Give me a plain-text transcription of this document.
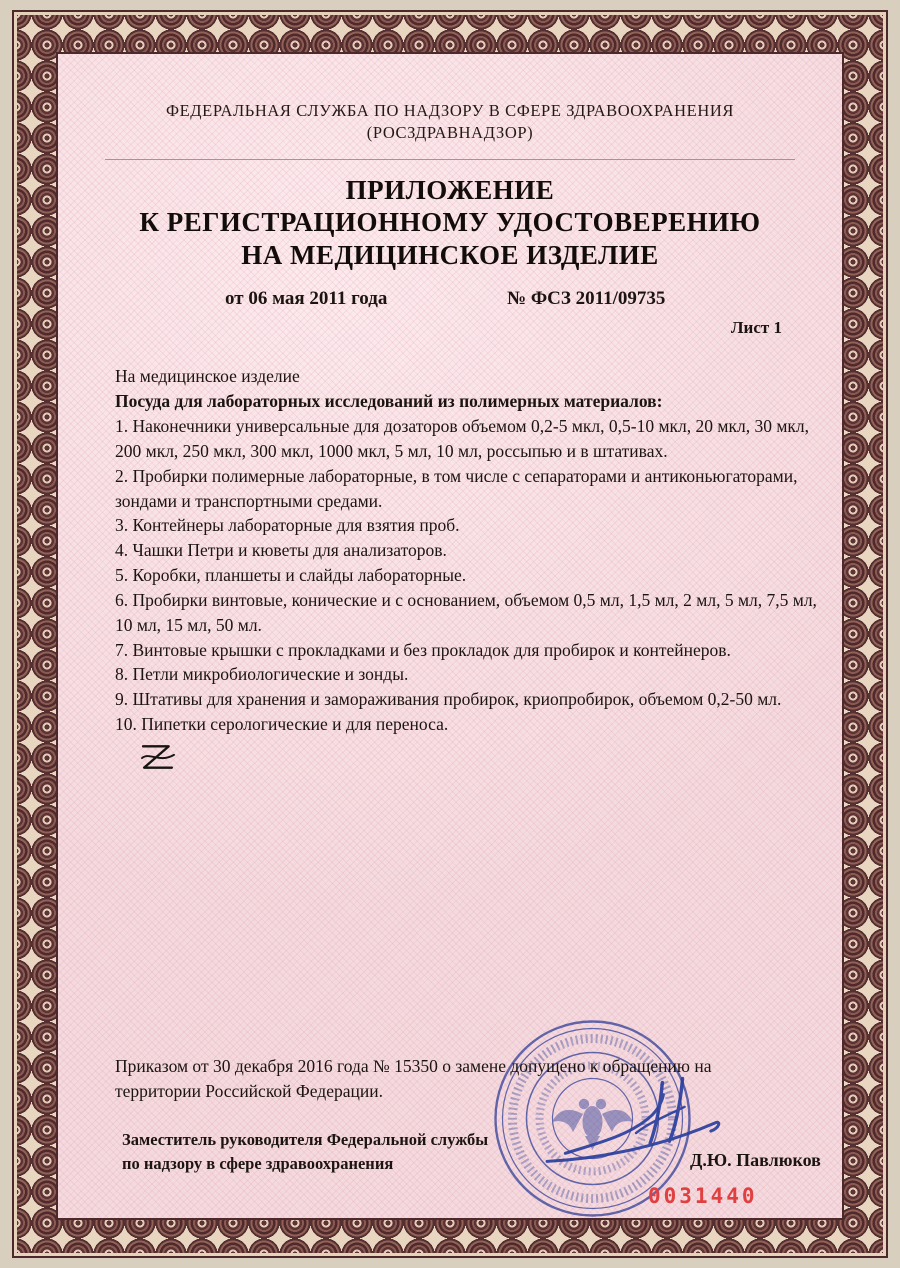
ФЕДЕРАЛЬНАЯ СЛУЖБА ПО НАДЗОРУ В СФЕРЕ ЗДРАВООХРАНЕНИЯ
(РОСЗДРАВНАДЗОР)
ПРИЛОЖЕНИЕ
К РЕГИСТРАЦИОННОМУ УДОСТОВЕРЕНИЮ
НА МЕДИЦИНСКОЕ ИЗДЕЛИЕ
от 06 мая 2011 года	№ ФСЗ 2011/09735
Лист 1
На медицинское изделие
Посуда для лабораторных исследований из полимерных материалов:
1. Наконечники универсальные для дозаторов объемом 0,2-5 мкл, 0,5-10 мкл, 20 мкл, 30 мкл, 200 мкл, 250 мкл, 300 мкл, 1000 мкл, 5 мл, 10 мл, россыпью и в штативах.
2. Пробирки полимерные лабораторные, в том числе с сепараторами и антиконьюгаторами, зондами и транспортными средами.
3. Контейнеры лабораторные для взятия проб.
4. Чашки Петри и кюветы для анализаторов.
5. Коробки, планшеты и слайды лабораторные.
6. Пробирки винтовые, конические и с основанием, объемом 0,5 мл, 1,5 мл, 2 мл, 5 мл, 7,5 мл, 10 мл, 15 мл, 50 мл.
7. Винтовые крышки с прокладками и без прокладок для пробирок и контейнеров.
8. Петли микробиологические и зонды.
9. Штативы для хранения и замораживания пробирок, криопробирок, объемом 0,2-50 мл.
10. Пипетки серологические и для переноса.
Приказом от 30 декабря 2016 года № 15350 о замене допущено к обращению на территории Российской Федерации.
Заместитель руководителя Федеральной службы
по надзору в сфере здравоохранения	Д.Ю. Павлюков
0031440
